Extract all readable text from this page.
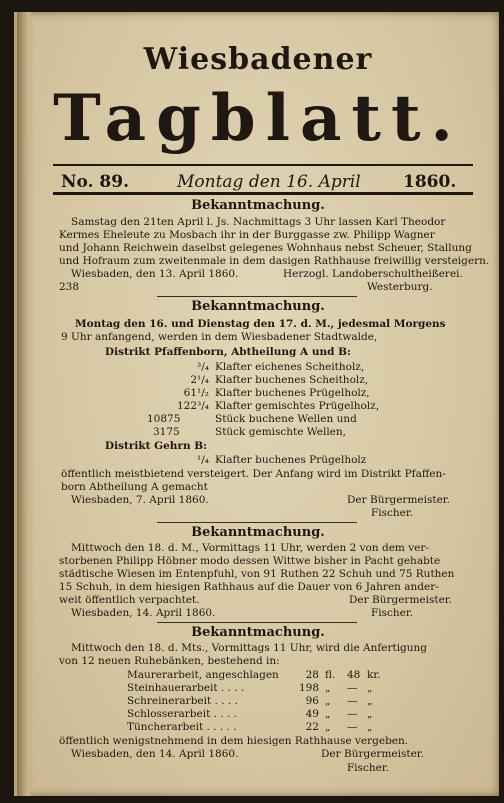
Wiesbadener
Tagblatt.
No. 89.	Montag den 16. April 1860.
Bekanntmachung.
Samstag den 21ten April l. Js. Nachmittags 3 Uhr lassen Karl Theodor
Kermes Eheleute zu Mosbach ihr in der Burggasse zw. Philipp Wagner
und Johann Reichwein daselbst gelegenes Wohnhaus nebst Scheuer, Stallung
und Hofraum zum zweitenmale in dem dasigen Rathhause freiwillig versteigern.
Wiesbaden, den 13. April 1860.	Herzogl. Landoberschultheißerei.
238	Westerburg.
Bekanntmachung.
Montag den 16. und Dienstag den 17. d. M., jedesmal Morgens
9 Uhr anfangend, werden in dem Wiesbadener Stadtwalde,
Distrikt Pfaffenborn, Abtheilung A und B:
³/₄ Klafter eichenes Scheitholz,
2¹/₄ Klafter buchenes Scheitholz,
61¹/₂ Klafter buchenes Prügelholz,
122³/₄ Klafter gemischtes Prügelholz,
10875	Stück buchene Wellen und
3175	Stück gemischte Wellen,
Distrikt Gehrn B:
¹/₄ Klafter buchenes Prügelholz
öffentlich meistbietend versteigert. Der Anfang wird im Distrikt Pfaffen-
born Abtheilung A gemacht
Wiesbaden, 7. April 1860.	Der Bürgermeister.
Fischer.
Bekanntmachung.
Mittwoch den 18. d. M., Vormittags 11 Uhr, werden 2 von dem ver-
storbenen Philipp Höbner modo dessen Wittwe bisher in Pacht gehabte
städtische Wiesen im Entenpfuhl, von 91 Ruthen 22 Schuh und 75 Ruthen
15 Schuh, in dem hiesigen Rathhaus auf die Dauer von 6 Jahren ander-
weit öffentlich verpachtet.	Der Bürgermeister.
Wiesbaden, 14. April 1860.	Fischer.
Bekanntmachung.
Mittwoch den 18. d. Mts., Vormittags 11 Uhr, wird die Anfertigung
von 12 neuen Ruhebänken, bestehend in:
Maurerarbeit, angeschlagen	28 fl. 48 kr.
Steinhauerarbeit . . . .	198 „ — „
Schreinerarbeit . . . .	96 „ — „
Schlosserarbeit . . . .	49 „ — „
Tüncherarbeit . . . . .	22 „ — „
öffentlich wenigstnehmend in dem hiesigen Rathhause vergeben.
Wiesbaden, den 14. April 1860.	Der Bürgermeister.
Fischer.
